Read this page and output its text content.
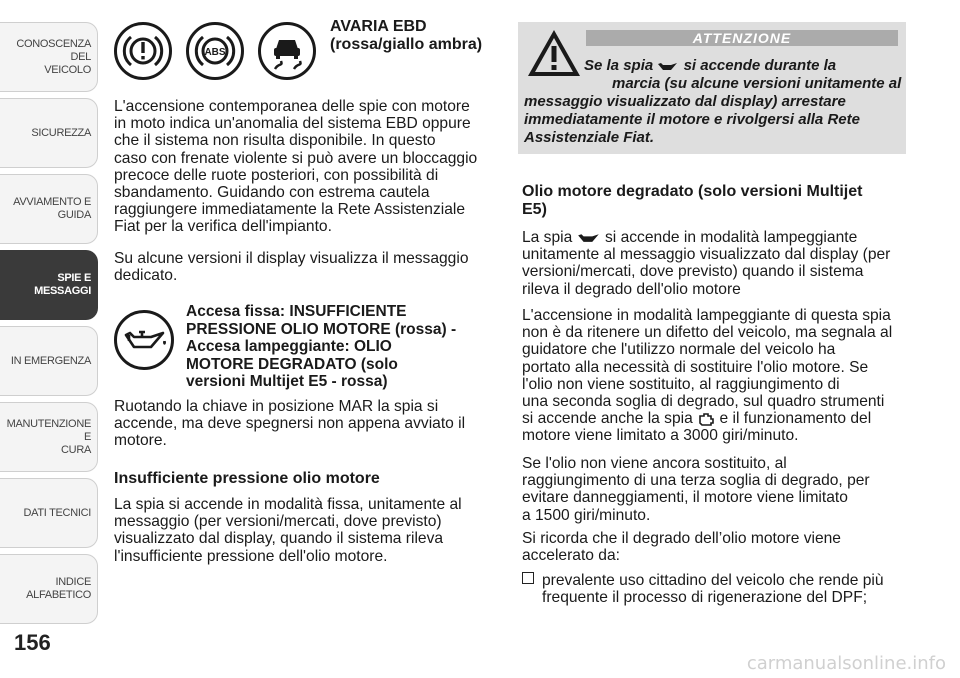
CONOSCENZA DEL
VEICOLO
SICUREZZA
AVVIAMENTO E
GUIDA
SPIE E MESSAGGI
IN EMERGENZA
MANUTENZIONE E
CURA
DATI TECNICI
INDICE ALFABETICO
156
ABS
AVARIA EBD
(rossa/giallo ambra)
L'accensione contemporanea delle spie con motore
in moto indica un'anomalia del sistema EBD oppure
che il sistema non risulta disponibile. In questo
caso con frenate violente si può avere un bloccaggio
precoce delle ruote posteriori, con possibilità di
sbandamento. Guidando con estrema cautela
raggiungere immediatamente la Rete Assistenziale
Fiat per la verifica dell'impianto.
Su alcune versioni il display visualizza il messaggio
dedicato.
Accesa fissa: INSUFFICIENTE
PRESSIONE OLIO MOTORE (rossa) -
Accesa lampeggiante: OLIO
MOTORE DEGRADATO (solo
versioni Multijet E5 - rossa)
Ruotando la chiave in posizione MAR la spia si
accende, ma deve spegnersi non appena avviato il
motore.
Insufficiente pressione olio motore
La spia si accende in modalità fissa, unitamente al
messaggio (per versioni/mercati, dove previsto)
visualizzato dal display, quando il sistema rileva
l'insufficiente pressione dell'olio motore.
ATTENZIONE
Se la spia si accende durante la
marcia (su alcune versioni unitamente al
messaggio visualizzato dal display) arrestare
immediatamente il motore e rivolgersi alla Rete
Assistenziale Fiat.
Olio motore degradato (solo versioni Multijet
E5)
La spia si accende in modalità lampeggiante
unitamente al messaggio visualizzato dal display (per
versioni/mercati, dove previsto) quando il sistema
rileva il degrado dell'olio motore
L'accensione in modalità lampeggiante di questa spia
non è da ritenere un difetto del veicolo, ma segnala al
guidatore che l'utilizzo normale del veicolo ha
portato alla necessità di sostituire l'olio motore. Se
l'olio non viene sostituito, al raggiungimento di
una seconda soglia di degrado, sul quadro strumenti
si accende anche la spia e il funzionamento del
motore viene limitato a 3000 giri/minuto.
Se l'olio non viene ancora sostituito, al
raggiungimento di una terza soglia di degrado, per
evitare danneggiamenti, il motore viene limitato
a 1500 giri/minuto.
Si ricorda che il degrado dell’olio motore viene
accelerato da:
prevalente uso cittadino del veicolo che rende più
frequente il processo di rigenerazione del DPF;
carmanualsonline.info
